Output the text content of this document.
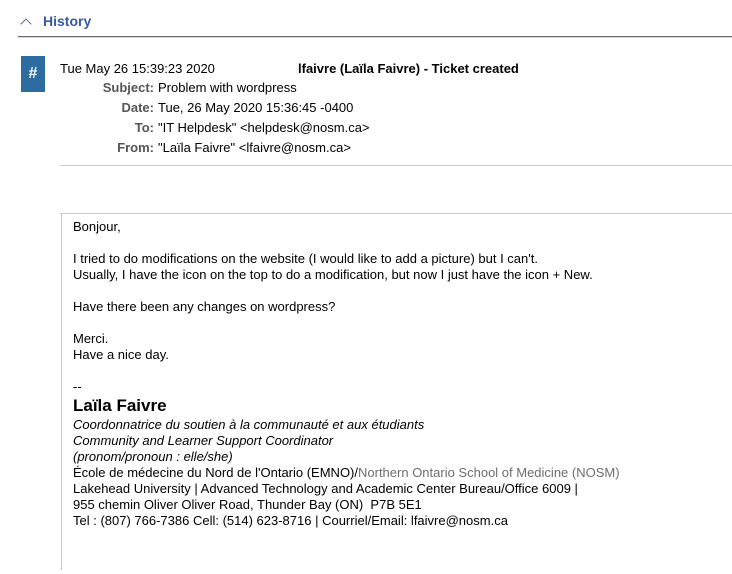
History
#	Tue May 26 15:39:23 2020	lfaivre (Laïla Faivre) - Ticket created
Subject: Problem with wordpress
Date: Tue, 26 May 2020 15:36:45 -0400
To: "IT Helpdesk" <helpdesk@nosm.ca>
From: "Laïla Faivre" <lfaivre@nosm.ca>
Bonjour,
I tried to do modifications on the website (I would like to add a picture) but I can't.
Usually, I have the icon on the top to do a modification, but now I just have the icon + New.
Have there been any changes on wordpress?
Merci.
Have a nice day.
--
Laïla Faivre
Coordonnatrice du soutien à la communauté et aux étudiants
Community and Learner Support Coordinator
(pronom/pronoun : elle/she)
École de médecine du Nord de l'Ontario (EMNO)/Northern Ontario School of Medicine (NOSM)
Lakehead University | Advanced Technology and Academic Center Bureau/Office 6009 |
955 chemin Oliver Oliver Road, Thunder Bay (ON)  P7B 5E1
Tel : (807) 766-7386 Cell: (514) 623-8716 | Courriel/Email: lfaivre@nosm.ca
